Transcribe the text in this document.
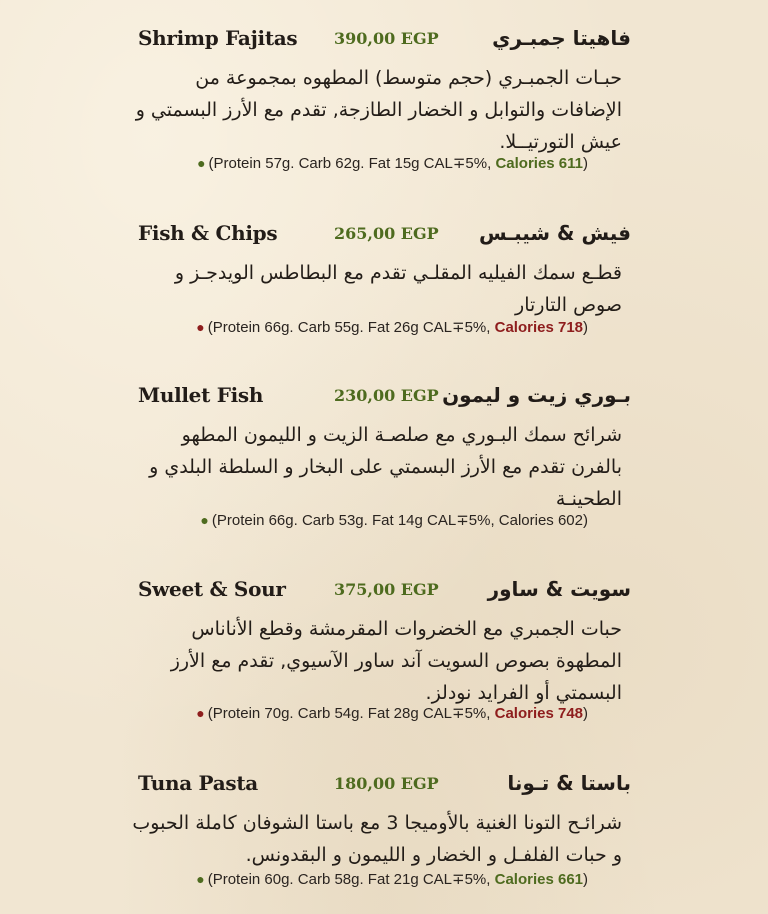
Shrimp Fajitas 390,00 EGP	فاهيتا جمبـري
حبـات الجمبـري (حجم متوسط) المطهوه بمجموعة من الإضافات والتوابل و الخضار الطازجة, تقدم مع الأرز البسمتي و عيش التورتيــلا.
● (Protein 57g. Carb 62g. Fat 15g CAL∓5%, Calories 611)
Fish & Chips	265,00 EGP فيش & شيبـس
قطـع سمك الفيليه المقلـي تقدم مع البطاطس الويدجـز و صوص التارتار
● (Protein 66g. Carb 55g. Fat 26g CAL∓5%, Calories 718)
Mullet Fish	230,00 EGP بـوري زيت و ليمون
شرائح سمك البـوري مع صلصـة الزيت و الليمون المطهو بالفرن تقدم مع الأرز البسمتي على البخار و السلطة البلدي و الطحينـة
● (Protein 66g. Carb 53g. Fat 14g CAL∓5%, Calories 602)
Sweet & Sour	375,00 EGP سويت & ساور
حبات الجمبري مع الخضروات المقرمشة وقطع الأناناس المطهوة بصوص السويت آند ساور الآسيوي, تقدم مع الأرز البسمتي أو الفرايد نودلز.
● (Protein 70g. Carb 54g. Fat 28g CAL∓5%, Calories 748)
Tuna Pasta	180,00 EGP	باستا & تـونا
شرائـح التونا الغنية بالأوميجا 3 مع باستا الشوفان كاملة الحبوب و حبات الفلفـل و الخضار و الليمون و البقدونس.
● (Protein 60g. Carb 58g. Fat 21g CAL∓5%, Calories 661)
